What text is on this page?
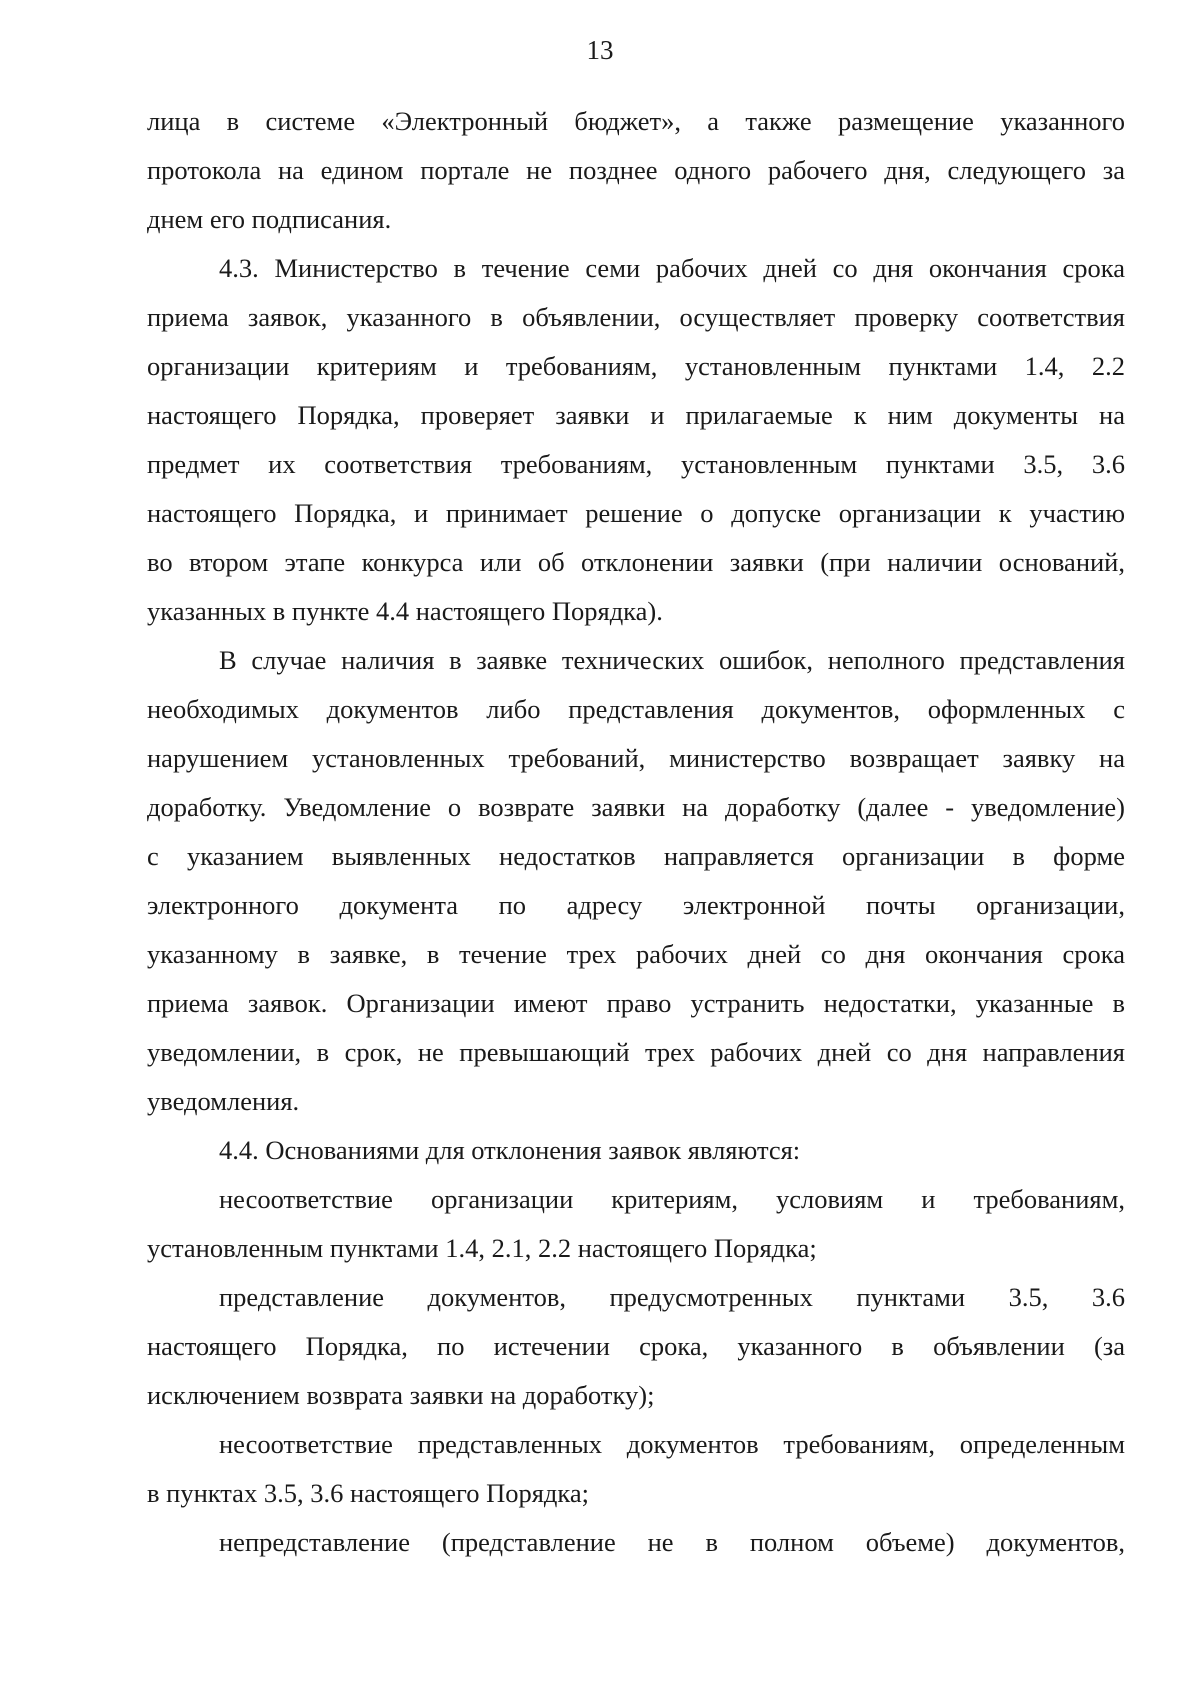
13

лица в системе «Электронный бюджет», а также размещение указанного

протокола на едином портале не позднее одного рабочего дня, следующего за

днем его подписания.

4.3. Министерство в течение семи рабочих дней со дня окончания срока

приема заявок, указанного в объявлении, осуществляет проверку соответствия

организации критериям и требованиям, установленным пунктами 1.4, 2.2

настоящего Порядка, проверяет заявки и прилагаемые к ним документы на

предмет их соответствия требованиям, установленным пунктами 3.5, 3.6

настоящего Порядка, и принимает решение о допуске организации к участию

во втором этапе конкурса или об отклонении заявки (при наличии оснований,

указанных в пункте 4.4 настоящего Порядка).

В случае наличия в заявке технических ошибок, неполного представления

необходимых документов либо представления документов, оформленных с

нарушением установленных требований, министерство возвращает заявку на

доработку. Уведомление о возврате заявки на доработку (далее - уведомление)

с указанием выявленных недостатков направляется организации в форме

электронного документа по адресу электронной почты организации,

указанному в заявке, в течение трех рабочих дней со дня окончания срока

приема заявок. Организации имеют право устранить недостатки, указанные в

уведомлении, в срок, не превышающий трех рабочих дней со дня направления

уведомления.

4.4. Основаниями для отклонения заявок являются:

несоответствие организации критериям, условиям и требованиям,

установленным пунктами 1.4, 2.1, 2.2 настоящего Порядка;

представление документов, предусмотренных пунктами 3.5, 3.6

настоящего Порядка, по истечении срока, указанного в объявлении (за

исключением возврата заявки на доработку);

несоответствие представленных документов требованиям, определенным

в пунктах 3.5, 3.6 настоящего Порядка;

непредставление (представление не в полном объеме) документов,
